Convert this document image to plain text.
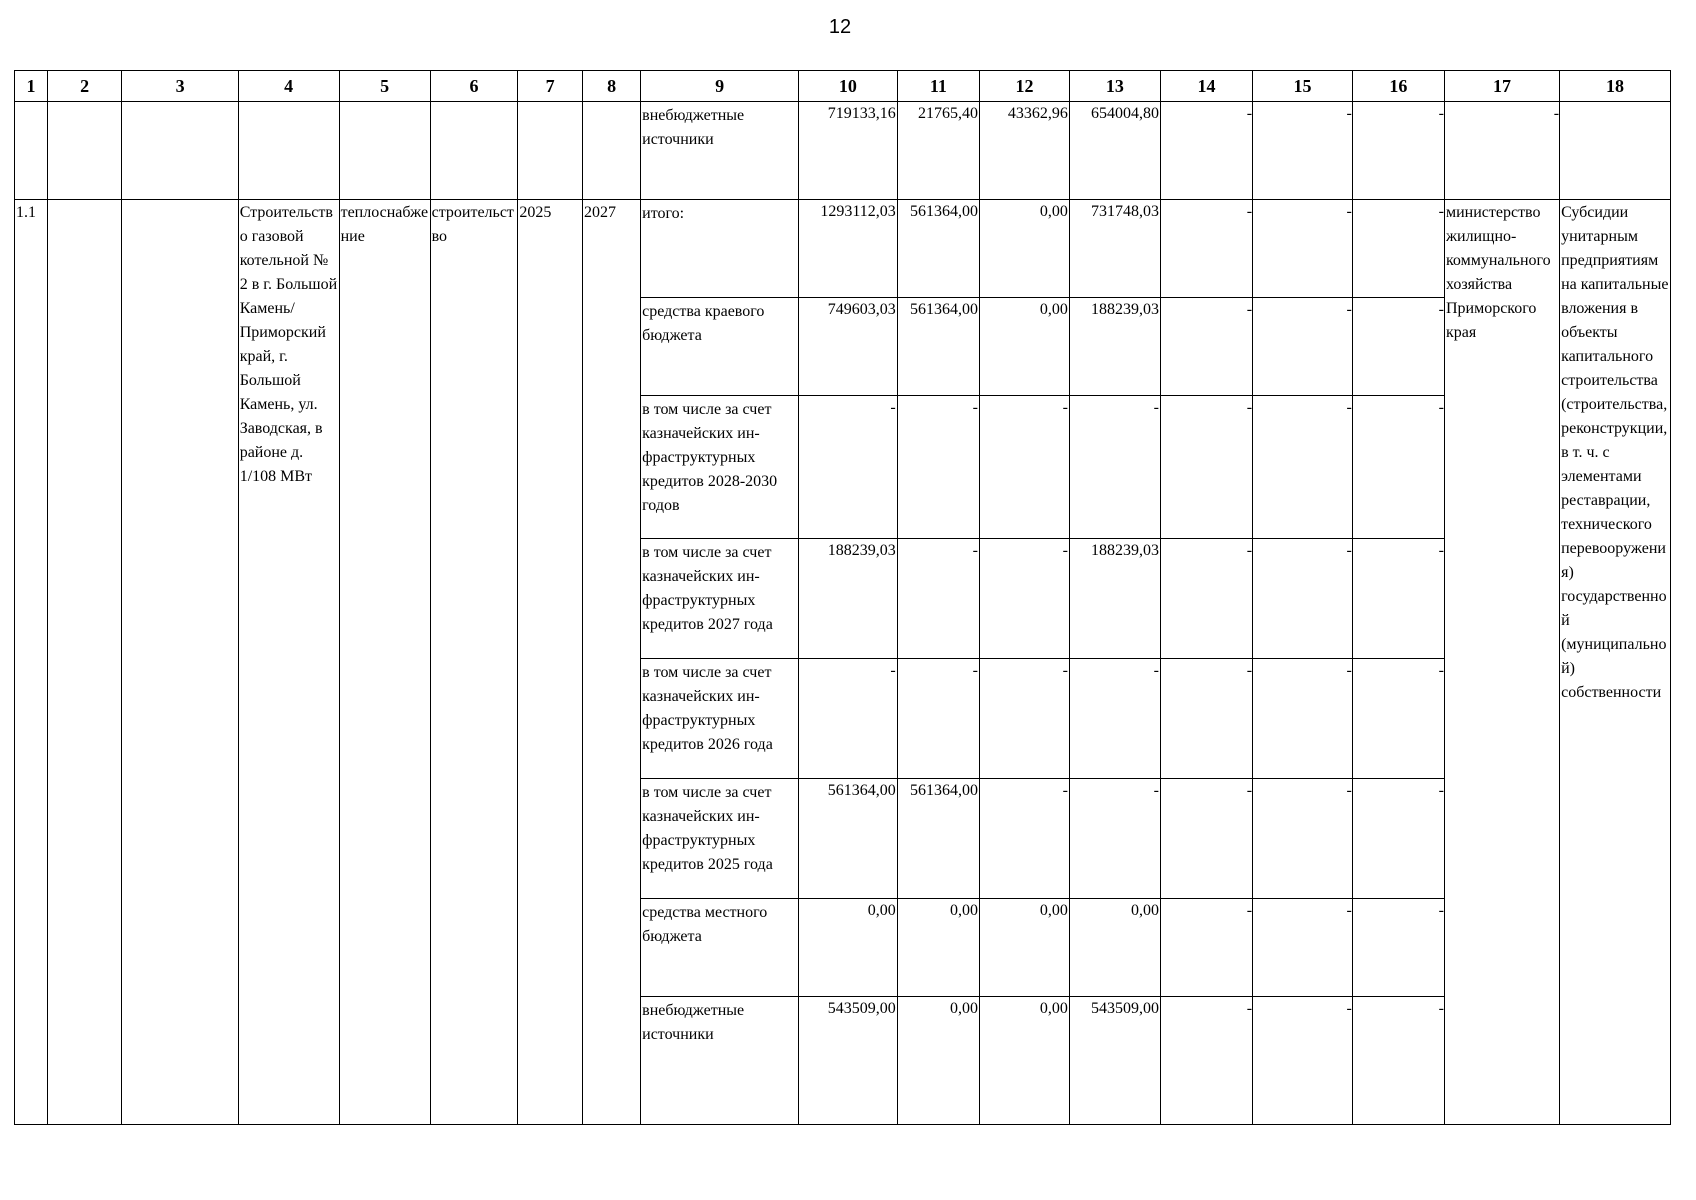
12
1	2	3	4	5	6	7	8	9	10	11	12	13	14	15	16	17	18

								внебюджетные источники	719133,16	21765,40	43362,96	654004,80	-	-	-	-	

1.1			Строительство газовой котельной № 2 в г. Большой Камень/ Приморский край, г. Большой Камень, ул. Заводская, в районе д. 1/108 МВт	теплоснабжение	строительство	2025	2027	итого:	1293112,03	561364,00	0,00	731748,03	-	-	-	министерство жилищно-коммунального хозяйства Приморского края	Субсидии унитарным предприятиям на капитальные вложения в объекты капитального строительства (строительства, реконструкции, в т. ч. с элементами реставрации, технического перевооружения) государственной (муниципальной) собственности

								средства краевого бюджета	749603,03	561364,00	0,00	188239,03	-	-	-		

								в том числе за счет казначейских ин-фраструктурных кредитов 2028-2030 годов	-	-	-	-	-	-	-		

								в том числе за счет казначейских ин-фраструктурных кредитов 2027 года	188239,03	-	-	188239,03	-	-	-		

								в том числе за счет казначейских ин-фраструктурных кредитов 2026 года	-	-	-	-	-	-	-		

								в том числе за счет казначейских ин-фраструктурных кредитов 2025 года	561364,00	561364,00	-	-	-	-	-		

								средства местного бюджета	0,00	0,00	0,00	0,00	-	-	-		

								внебюджетные источники	543509,00	0,00	0,00	543509,00	-	-	-		
